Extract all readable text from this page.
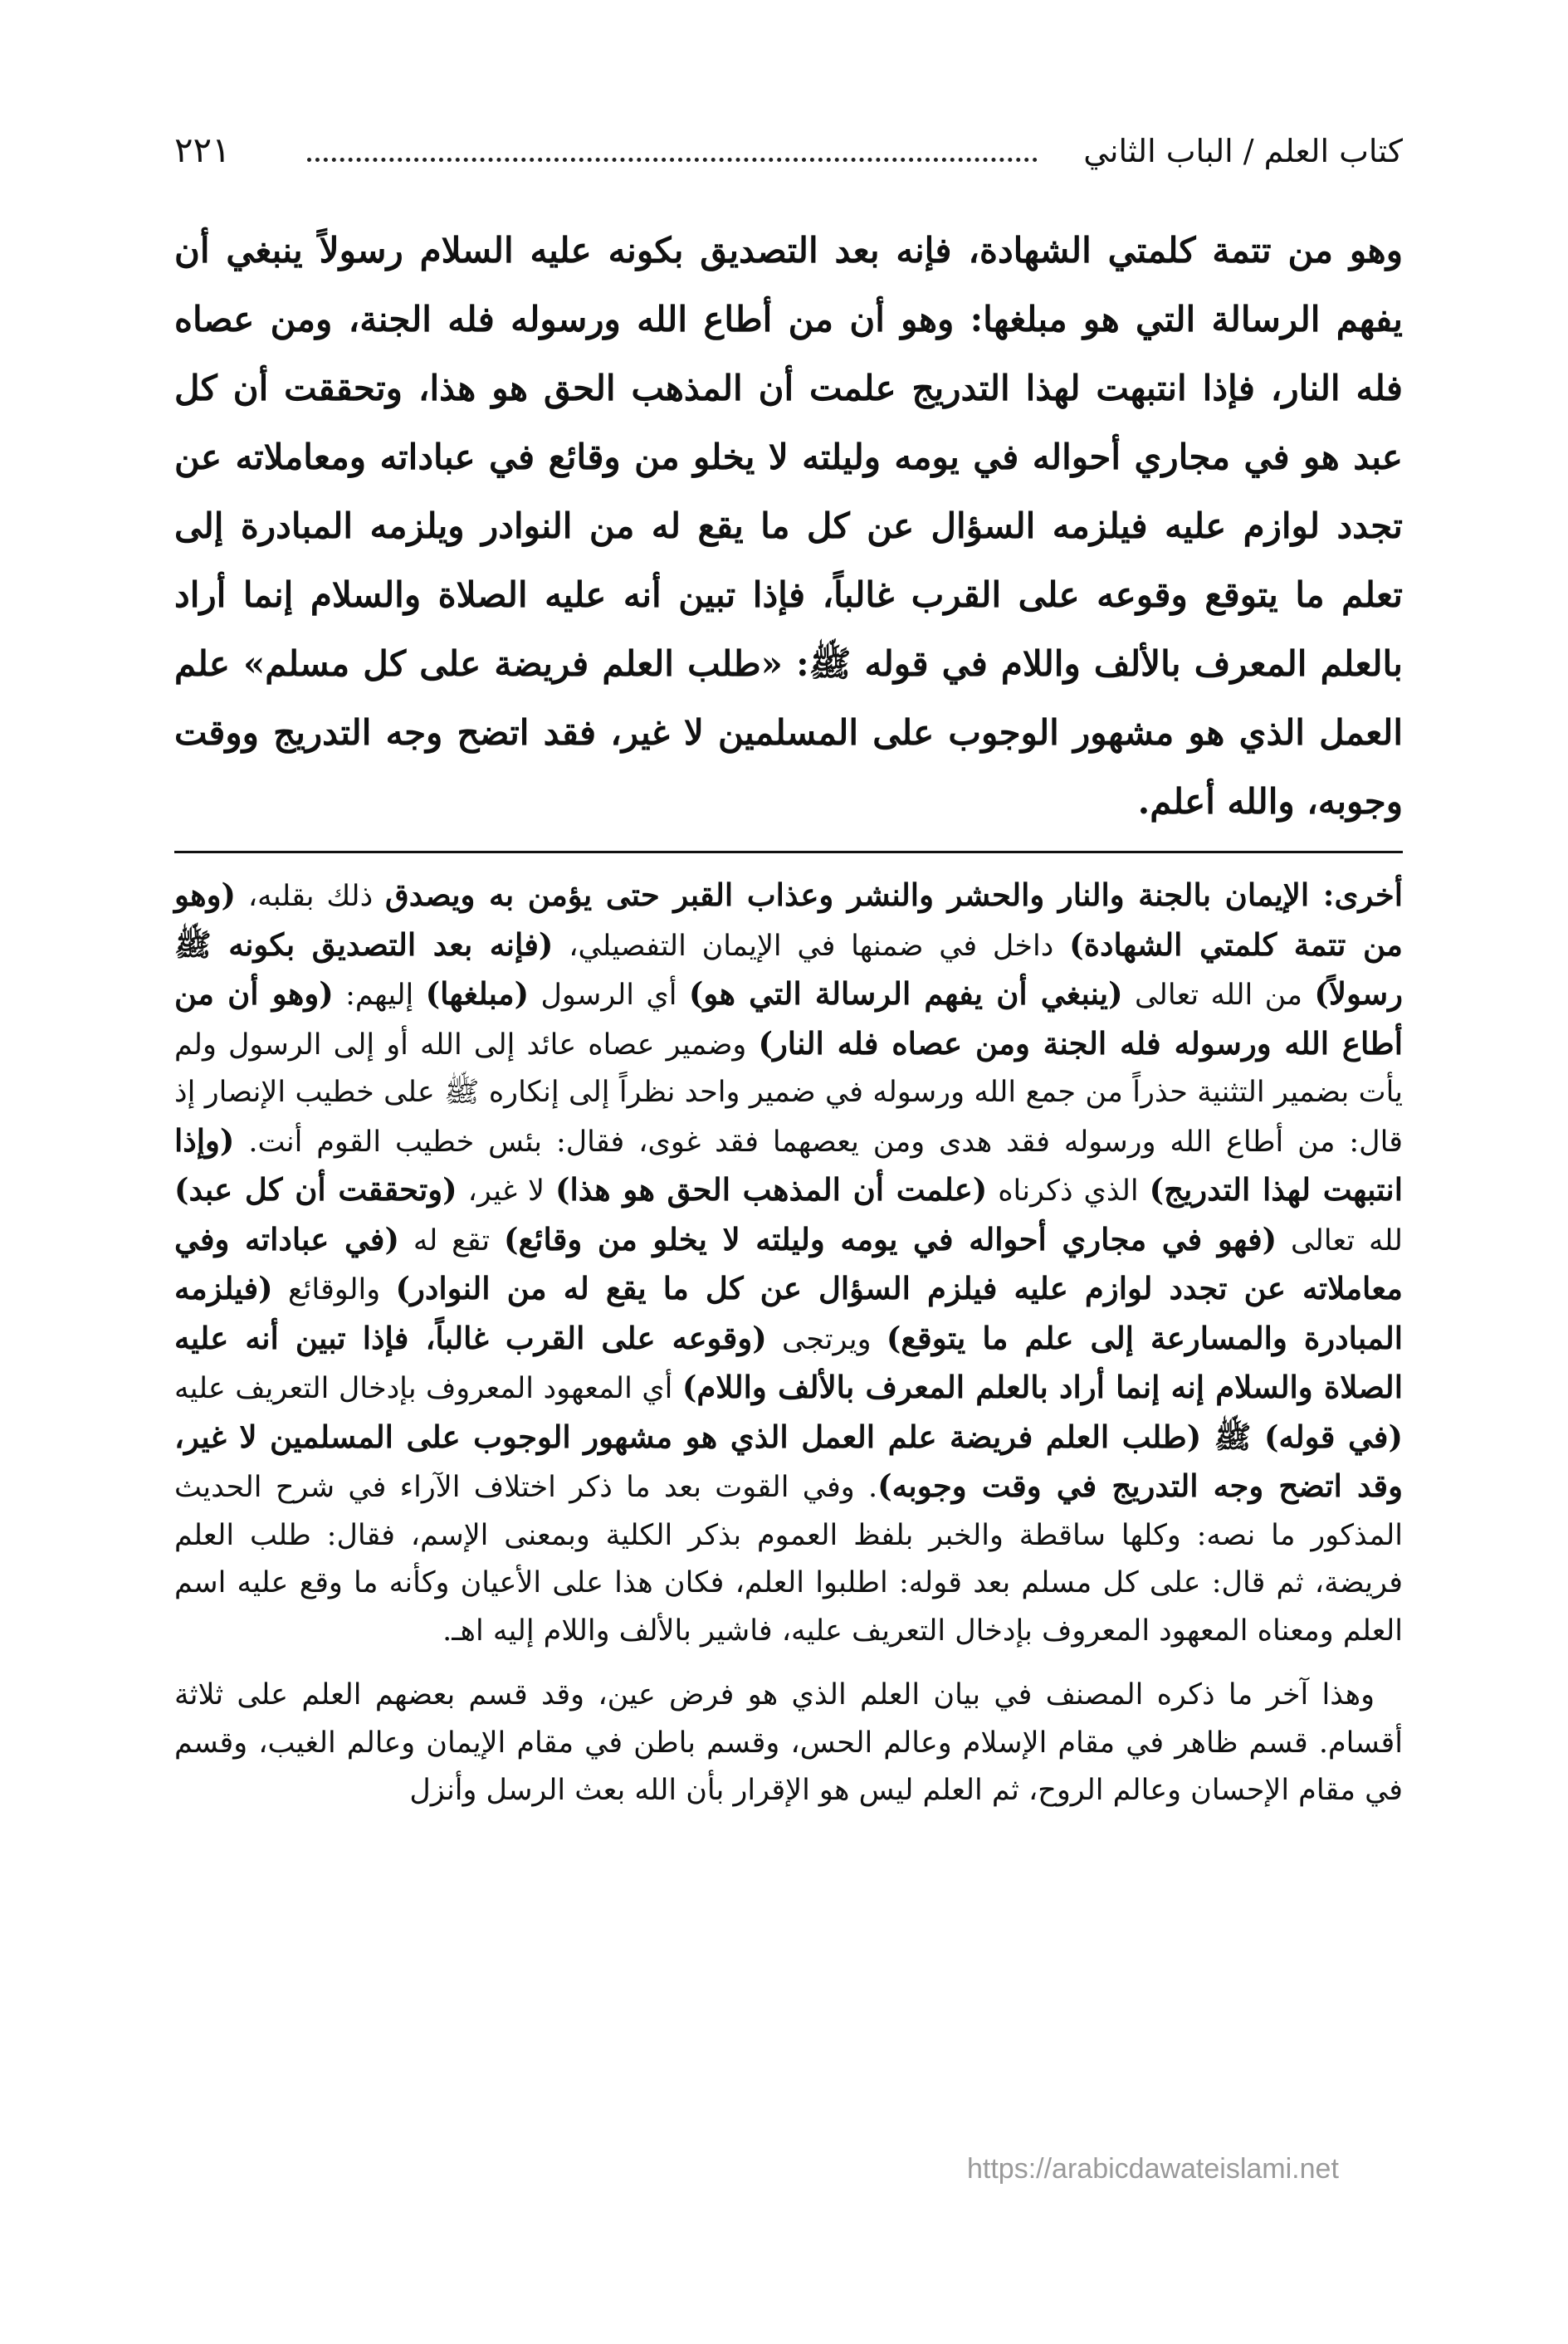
كتاب العلم / الباب الثاني
٢٢١
وهو من تتمة كلمتي الشهادة، فإنه بعد التصديق بكونه عليه السلام رسولاً ينبغي أن يفهم الرسالة التي هو مبلغها: وهو أن من أطاع الله ورسوله فله الجنة، ومن عصاه فله النار، فإذا انتبهت لهذا التدريج علمت أن المذهب الحق هو هذا، وتحققت أن كل عبد هو في مجاري أحواله في يومه وليلته لا يخلو من وقائع في عباداته ومعاملاته عن تجدد لوازم عليه فيلزمه السؤال عن كل ما يقع له من النوادر ويلزمه المبادرة إلى تعلم ما يتوقع وقوعه على القرب غالباً، فإذا تبين أنه عليه الصلاة والسلام إنما أراد بالعلم المعرف بالألف واللام في قوله ﷺ: «طلب العلم فريضة على كل مسلم» علم العمل الذي هو مشهور الوجوب على المسلمين لا غير، فقد اتضح وجه التدريج ووقت وجوبه، والله أعلم.

أخرى: الإيمان بالجنة والنار والحشر والنشر وعذاب القبر حتى يؤمن به ويصدق ذلك بقلبه، (وهو من تتمة كلمتي الشهادة) داخل في ضمنها في الإيمان التفصيلي، (فإنه بعد التصديق بكونه ﷺ رسولاً) من الله تعالى (ينبغي أن يفهم الرسالة التي هو) أي الرسول (مبلغها) إليهم: (وهو أن من أطاع الله ورسوله فله الجنة ومن عصاه فله النار) وضمير عصاه عائد إلى الله أو إلى الرسول ولم يأت بضمير التثنية حذراً من جمع الله ورسوله في ضمير واحد نظراً إلى إنكاره ﷺ على خطيب الإنصار إذ قال: من أطاع الله ورسوله فقد هدى ومن يعصهما فقد غوى، فقال: بئس خطيب القوم أنت. (وإذا انتبهت لهذا التدريج) الذي ذكرناه (علمت أن المذهب الحق هو هذا) لا غير، (وتحققت أن كل عبد) لله تعالى (فهو في مجاري أحواله في يومه وليلته لا يخلو من وقائع) تقع له (في عباداته وفي معاملاته عن تجدد لوازم عليه فيلزم السؤال عن كل ما يقع له من النوادر) والوقائع (فيلزمه المبادرة والمسارعة إلى علم ما يتوقع) ويرتجى (وقوعه على القرب غالباً، فإذا تبين أنه عليه الصلاة والسلام إنه إنما أراد بالعلم المعرف بالألف واللام) أي المعهود المعروف بإدخال التعريف عليه (في قوله) ﷺ (طلب العلم فريضة علم العمل الذي هو مشهور الوجوب على المسلمين لا غير، وقد اتضح وجه التدريج في وقت وجوبه). وفي القوت بعد ما ذكر اختلاف الآراء في شرح الحديث المذكور ما نصه: وكلها ساقطة والخبر بلفظ العموم بذكر الكلية وبمعنى الإسم، فقال: طلب العلم فريضة، ثم قال: على كل مسلم بعد قوله: اطلبوا العلم، فكان هذا على الأعيان وكأنه ما وقع عليه اسم العلم ومعناه المعهود المعروف بإدخال التعريف عليه، فاشير بالألف واللام إليه اهـ.

وهذا آخر ما ذكره المصنف في بيان العلم الذي هو فرض عين، وقد قسم بعضهم العلم على ثلاثة أقسام. قسم ظاهر في مقام الإسلام وعالم الحس، وقسم باطن في مقام الإيمان وعالم الغيب، وقسم في مقام الإحسان وعالم الروح، ثم العلم ليس هو الإقرار بأن الله بعث الرسل وأنزل

https://arabicdawateislami.net
